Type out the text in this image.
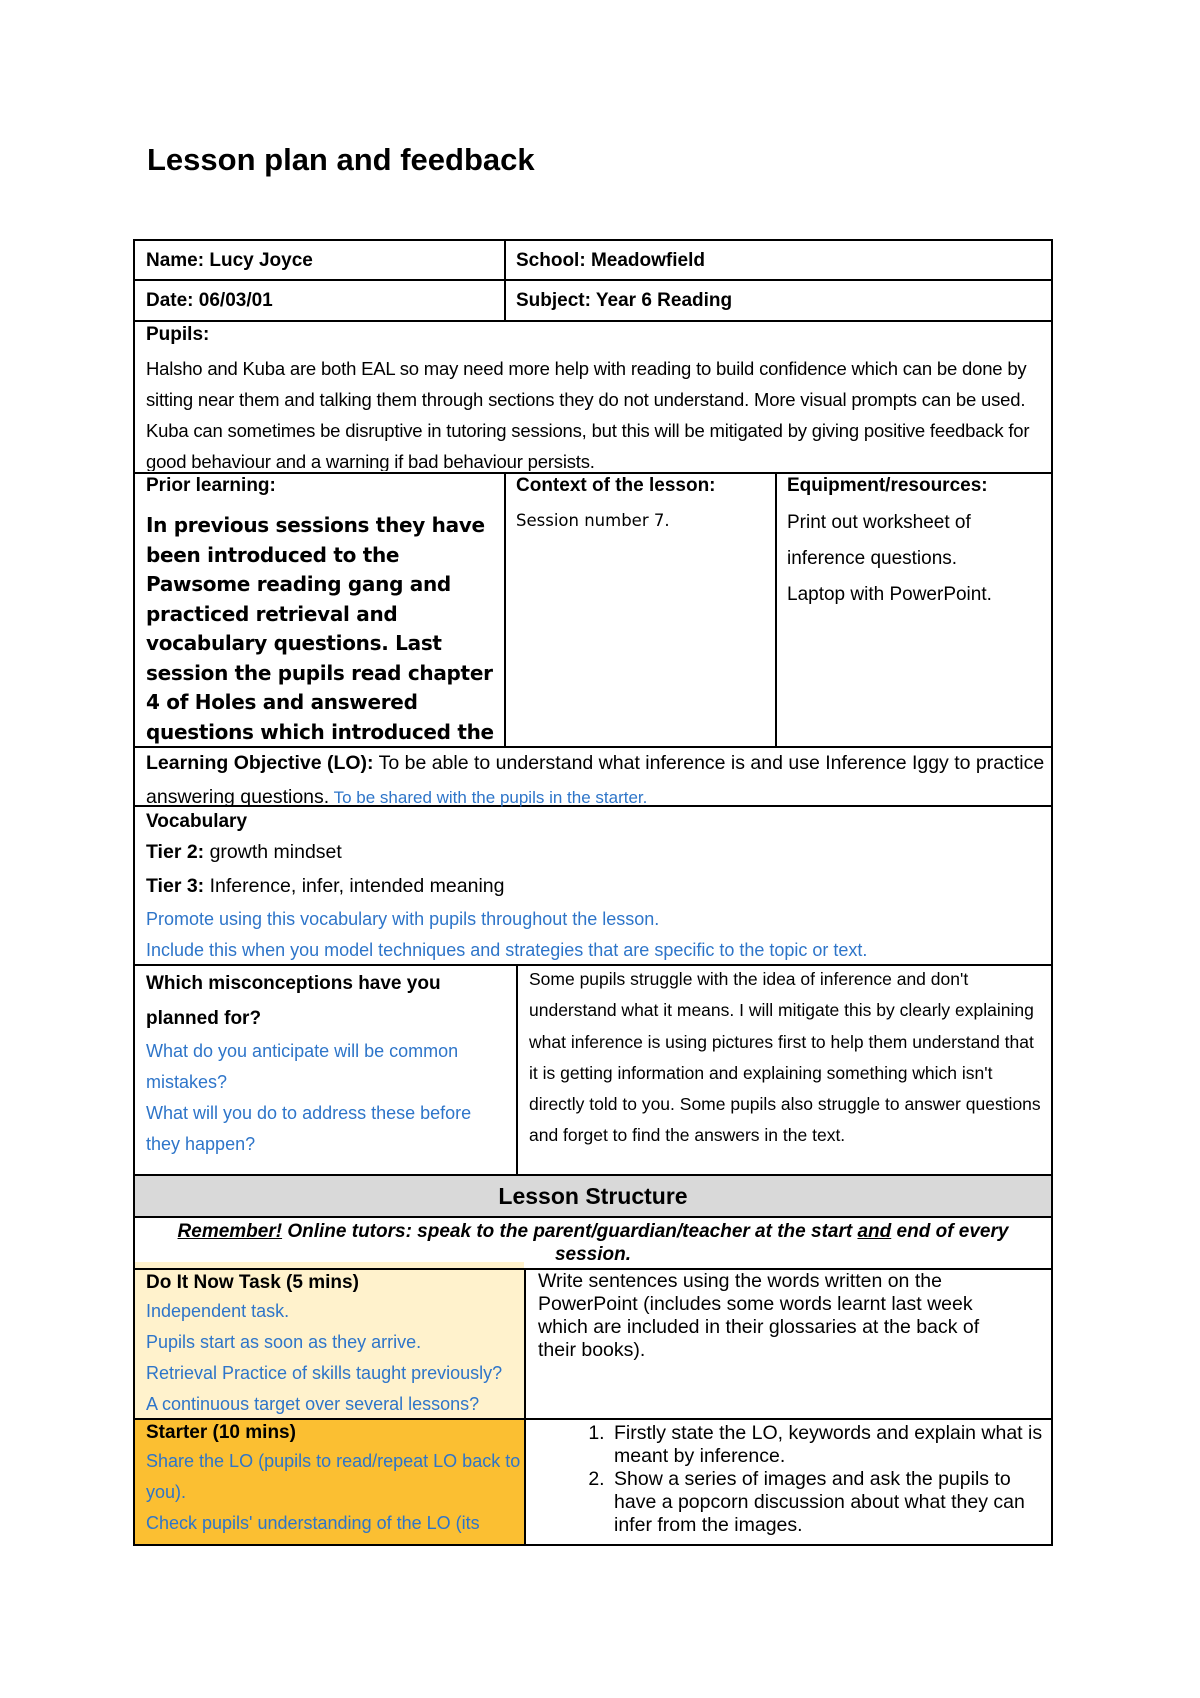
Lesson plan and feedback
Name: Lucy Joyce	School: Meadowfield
Date: 06/03/01	Subject: Year 6 Reading
Pupils:
Halsho and Kuba are both EAL so may need more help with reading to build confidence which can be done by sitting near them and talking them through sections they do not understand. More visual prompts can be used. Kuba can sometimes be disruptive in tutoring sessions, but this will be mitigated by giving positive feedback for good behaviour and a warning if bad behaviour persists.
Prior learning:
In previous sessions they have been introduced to the Pawsome reading gang and practiced retrieval and vocabulary questions. Last session the pupils read chapter 4 of Holes and answered questions which introduced the
Context of the lesson:
Session number 7.
Equipment/resources:

Print out worksheet of inference questions.

Laptop with PowerPoint.

Learning Objective (LO): To be able to understand what inference is and use Inference Iggy to practice answering questions. To be shared with the pupils in the starter.

Vocabulary

Tier 2: growth mindset

Tier 3: Inference, infer, intended meaning

Promote using this vocabulary with pupils throughout the lesson.

Include this when you model techniques and strategies that are specific to the topic or text.

Which misconceptions have you planned for?

What do you anticipate will be common mistakes?

What will you do to address these before they happen?

Some pupils struggle with the idea of inference and don't understand what it means. I will mitigate this by clearly explaining what inference is using pictures first to help them understand that it is getting information and explaining something which isn't directly told to you. Some pupils also struggle to answer questions and forget to find the answers in the text.
Lesson Structure
Remember! Online tutors: speak to the parent/guardian/teacher at the start and end of every session.

Do It Now Task (5 mins)

Independent task.

Pupils start as soon as they arrive.

Retrieval Practice of skills taught previously?

A continuous target over several lessons?

Write sentences using the words written on the PowerPoint (includes some words learnt last week which are included in their glossaries at the back of their books).

Starter (10 mins)

Share the LO (pupils to read/repeat LO back to you).

Check pupils' understanding of the LO (its

1. Firstly state the LO, keywords and explain what is meant by inference.
2. Show a series of images and ask the pupils to have a popcorn discussion about what they can infer from the images.
